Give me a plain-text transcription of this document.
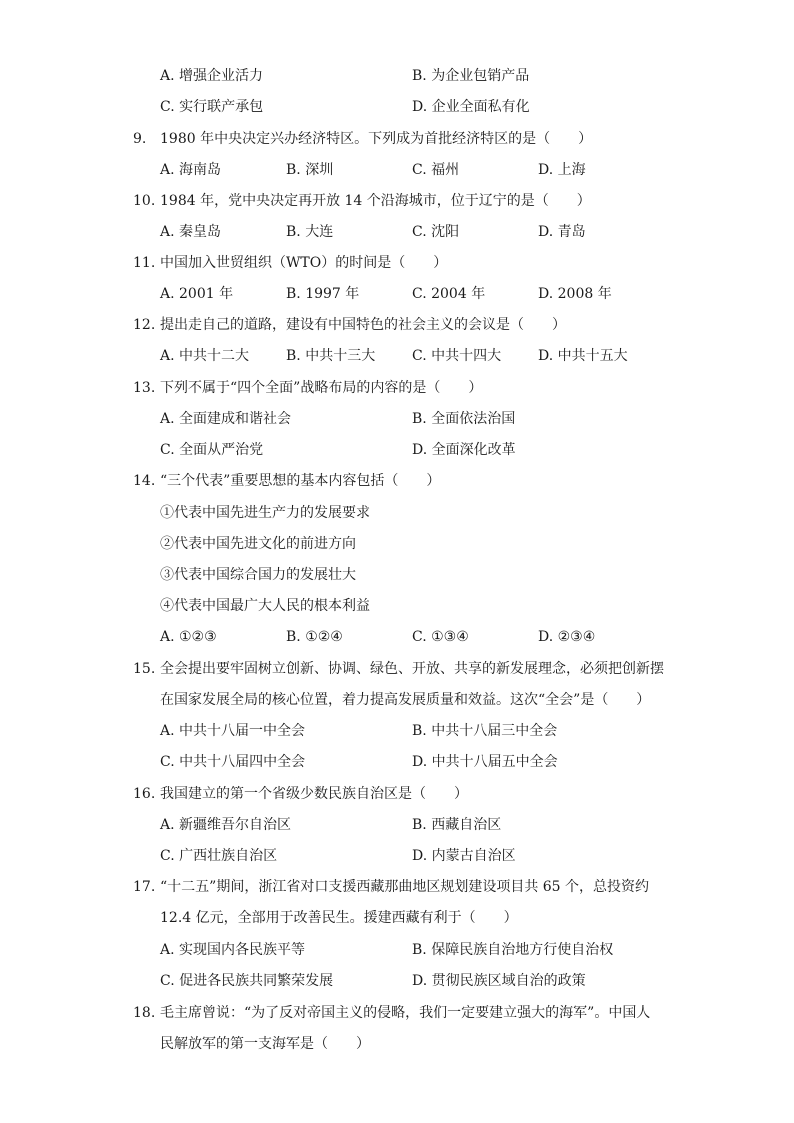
A. 增强企业活力	B. 为企业包销产品
C. 实行联产承包	D. 企业全面私有化
9. 1980 年中央决定兴办经济特区。下列成为首批经济特区的是（　　）
A. 海南岛	B. 深圳	C. 福州	D. 上海
10. 1984 年，党中央决定再开放 14 个沿海城市，位于辽宁的是（　　）
A. 秦皇岛	B. 大连	C. 沈阳	D. 青岛
11. 中国加入世贸组织（WTO）的时间是（　　）
A. 2001 年	B. 1997 年	C. 2004 年	D. 2008 年
12. 提出走自己的道路，建设有中国特色的社会主义的会议是（　　）
A. 中共十二大	B. 中共十三大	C. 中共十四大	D. 中共十五大
13. 下列不属于“四个全面”战略布局的内容的是（　　）
A. 全面建成和谐社会	B. 全面依法治国
C. 全面从严治党	D. 全面深化改革
14. “三个代表”重要思想的基本内容包括（　　）
①代表中国先进生产力的发展要求
②代表中国先进文化的前进方向
③代表中国综合国力的发展壮大
④代表中国最广大人民的根本利益
A. ①②③	B. ①②④	C. ①③④	D. ②③④
15. 全会提出要牢固树立创新、协调、绿色、开放、共享的新发展理念，必须把创新摆
在国家发展全局的核心位置，着力提高发展质量和效益。这次“全会”是（　　）
A. 中共十八届一中全会	B. 中共十八届三中全会
C. 中共十八届四中全会	D. 中共十八届五中全会
16. 我国建立的第一个省级少数民族自治区是（　　）
A. 新疆维吾尔自治区	B. 西藏自治区
C. 广西壮族自治区	D. 内蒙古自治区
17. “十二五”期间，浙江省对口支援西藏那曲地区规划建设项目共 65 个，总投资约
12.4 亿元，全部用于改善民生。援建西藏有利于（　　）
A. 实现国内各民族平等	B. 保障民族自治地方行使自治权
C. 促进各民族共同繁荣发展	D. 贯彻民族区域自治的政策
18. 毛主席曾说：“为了反对帝国主义的侵略，我们一定要建立强大的海军”。中国人
民解放军的第一支海军是（　　）
